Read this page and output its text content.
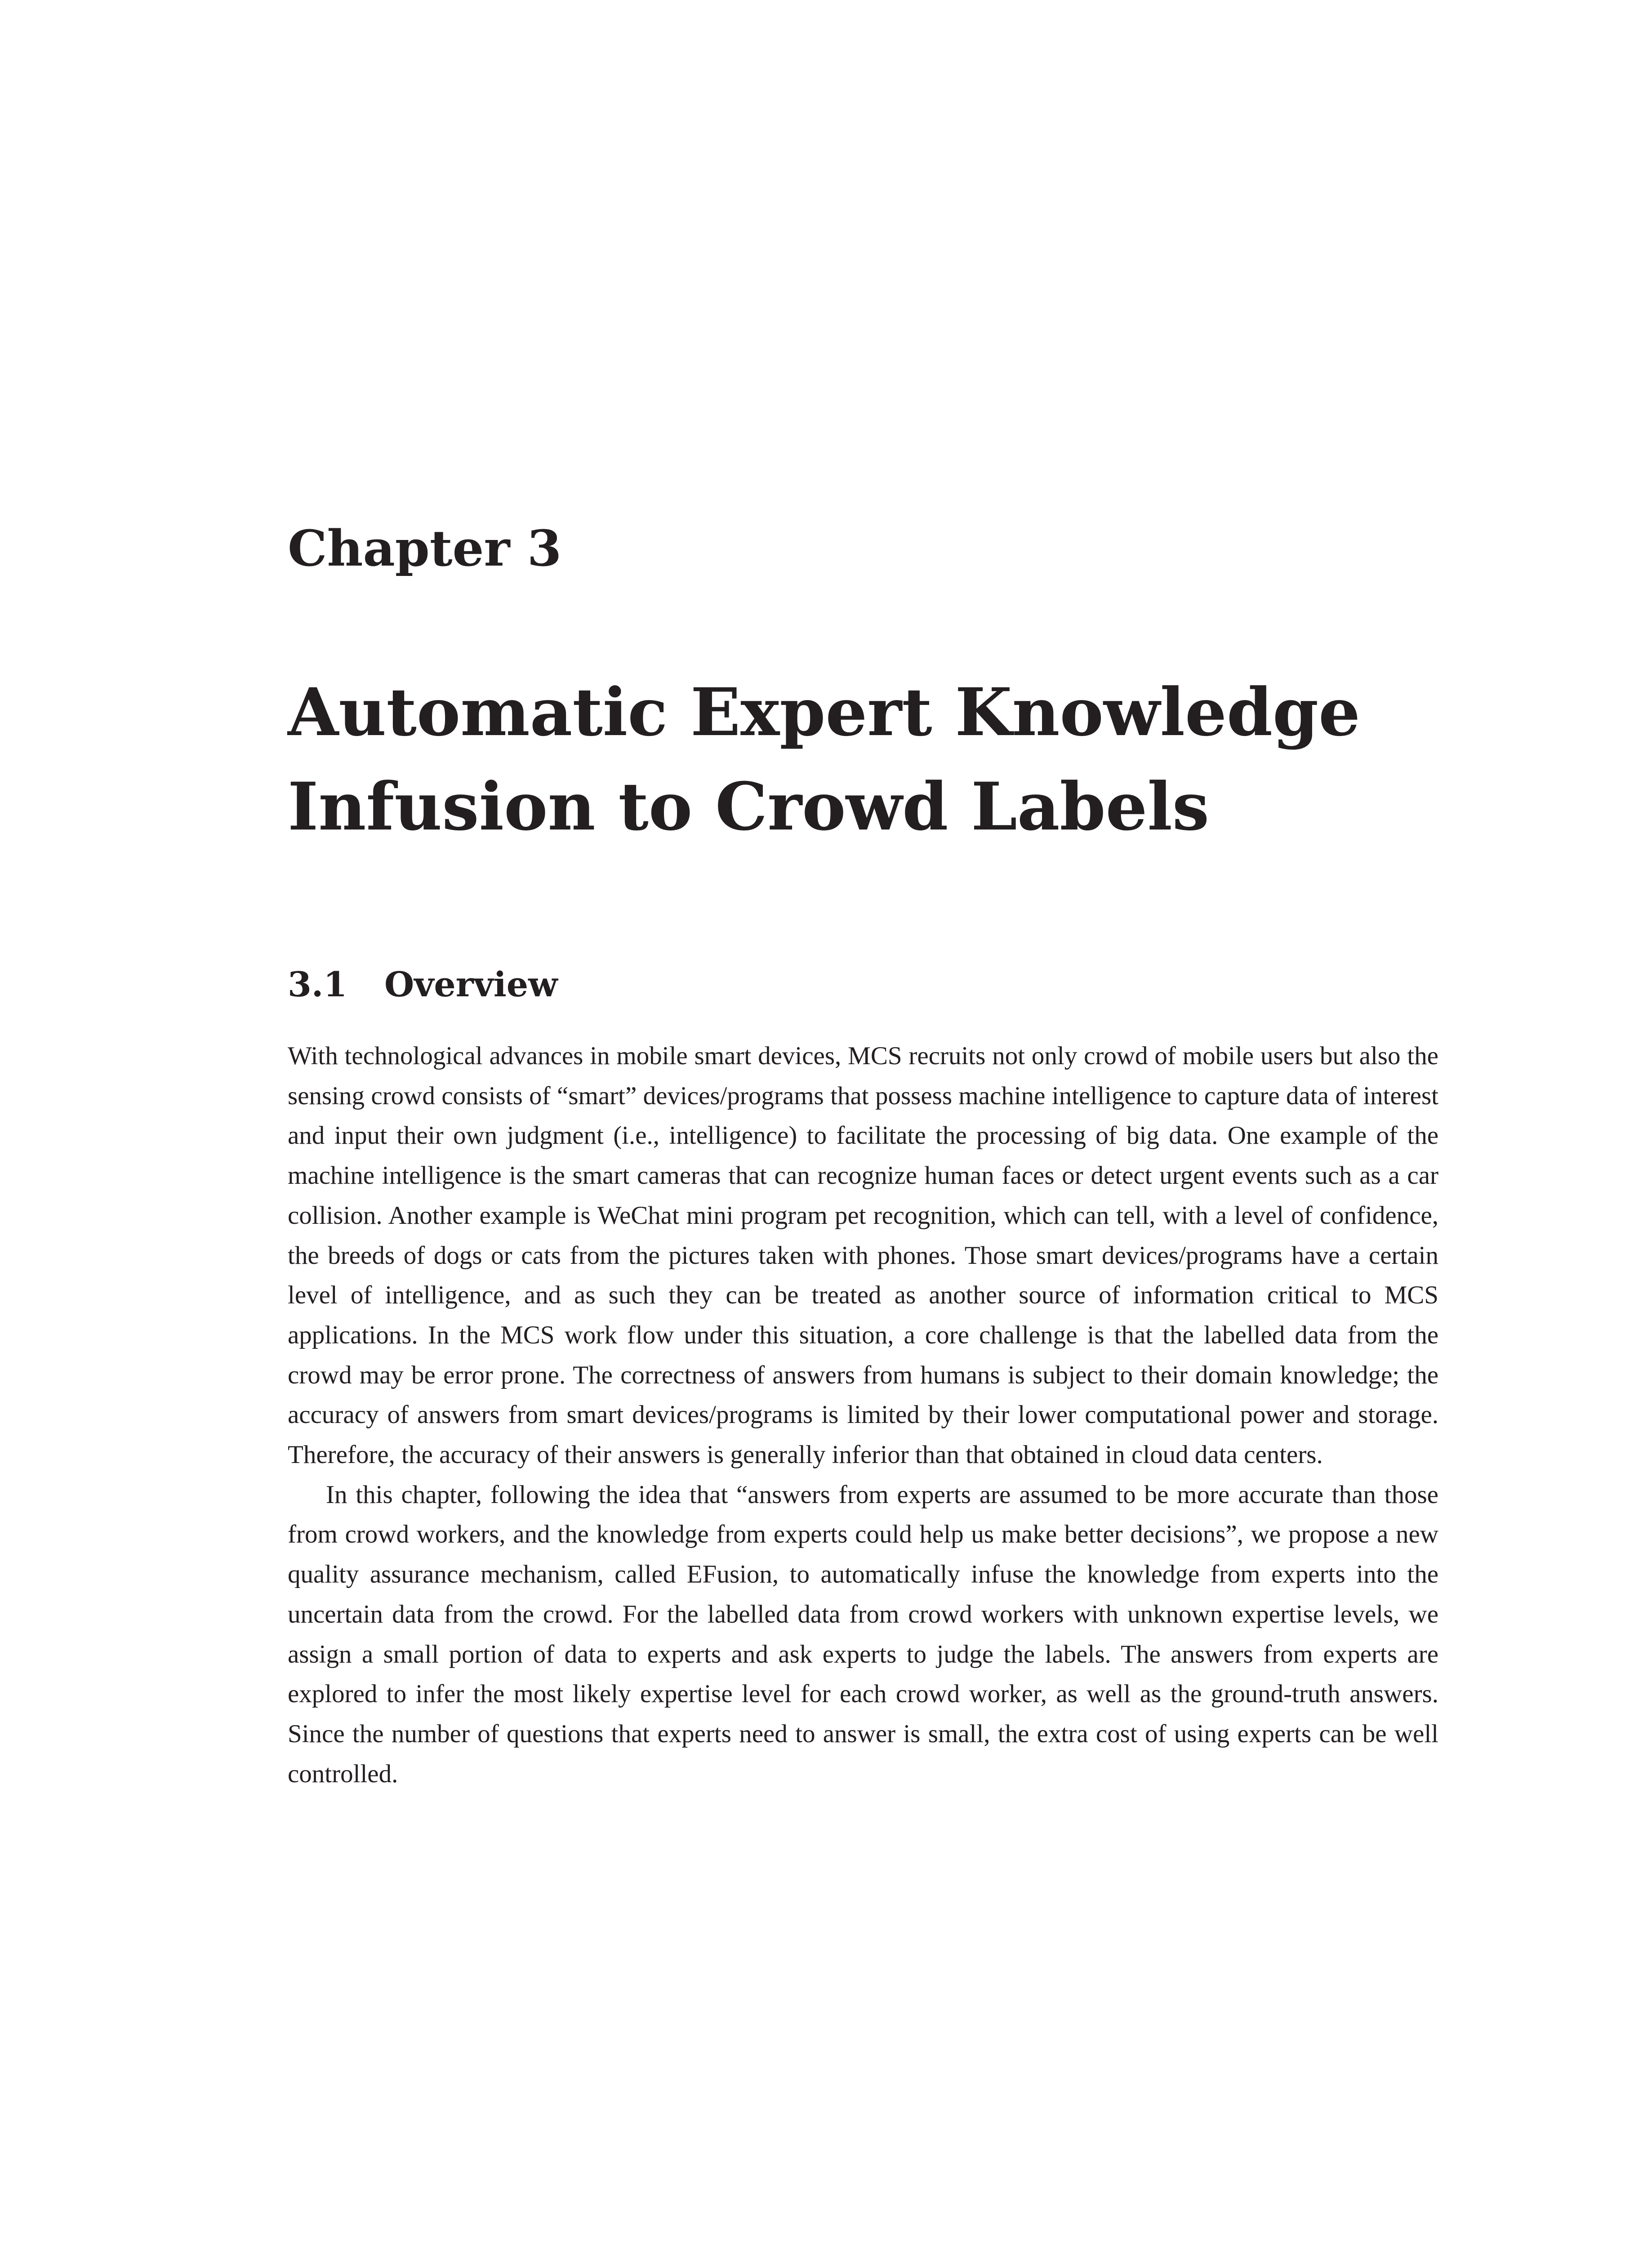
Chapter 3
Automatic Expert Knowledge
Infusion to Crowd Labels
3.1 Overview

With technological advances in mobile smart devices, MCS recruits not only crowd of mobile users but also the sensing crowd consists of “smart” devices/programs that possess machine intelligence to capture data of interest and input their own judgment (i.e., intelligence) to facilitate the processing of big data. One example of the machine intelligence is the smart cameras that can recognize human faces or detect urgent events such as a car collision. Another example is WeChat mini program pet recognition, which can tell, with a level of confidence, the breeds of dogs or cats from the pictures taken with phones. Those smart devices/programs have a certain level of intelligence, and as such they can be treated as another source of information critical to MCS applications. In the MCS work flow under this situation, a core challenge is that the labelled data from the crowd may be error prone. The correctness of answers from humans is subject to their domain knowledge; the accuracy of answers from smart devices/programs is limited by their lower computational power and storage. Therefore, the accuracy of their answers is generally inferior than that obtained in cloud data centers.

In this chapter, following the idea that “answers from experts are assumed to be more accurate than those from crowd workers, and the knowledge from experts could help us make better decisions”, we propose a new quality assurance mechanism, called EFusion, to automatically infuse the knowledge from experts into the uncertain data from the crowd. For the labelled data from crowd workers with unknown expertise levels, we assign a small portion of data to experts and ask experts to judge the labels. The answers from experts are explored to infer the most likely expertise level for each crowd worker, as well as the ground-truth answers. Since the number of questions that experts need to answer is small, the extra cost of using experts can be well controlled.
